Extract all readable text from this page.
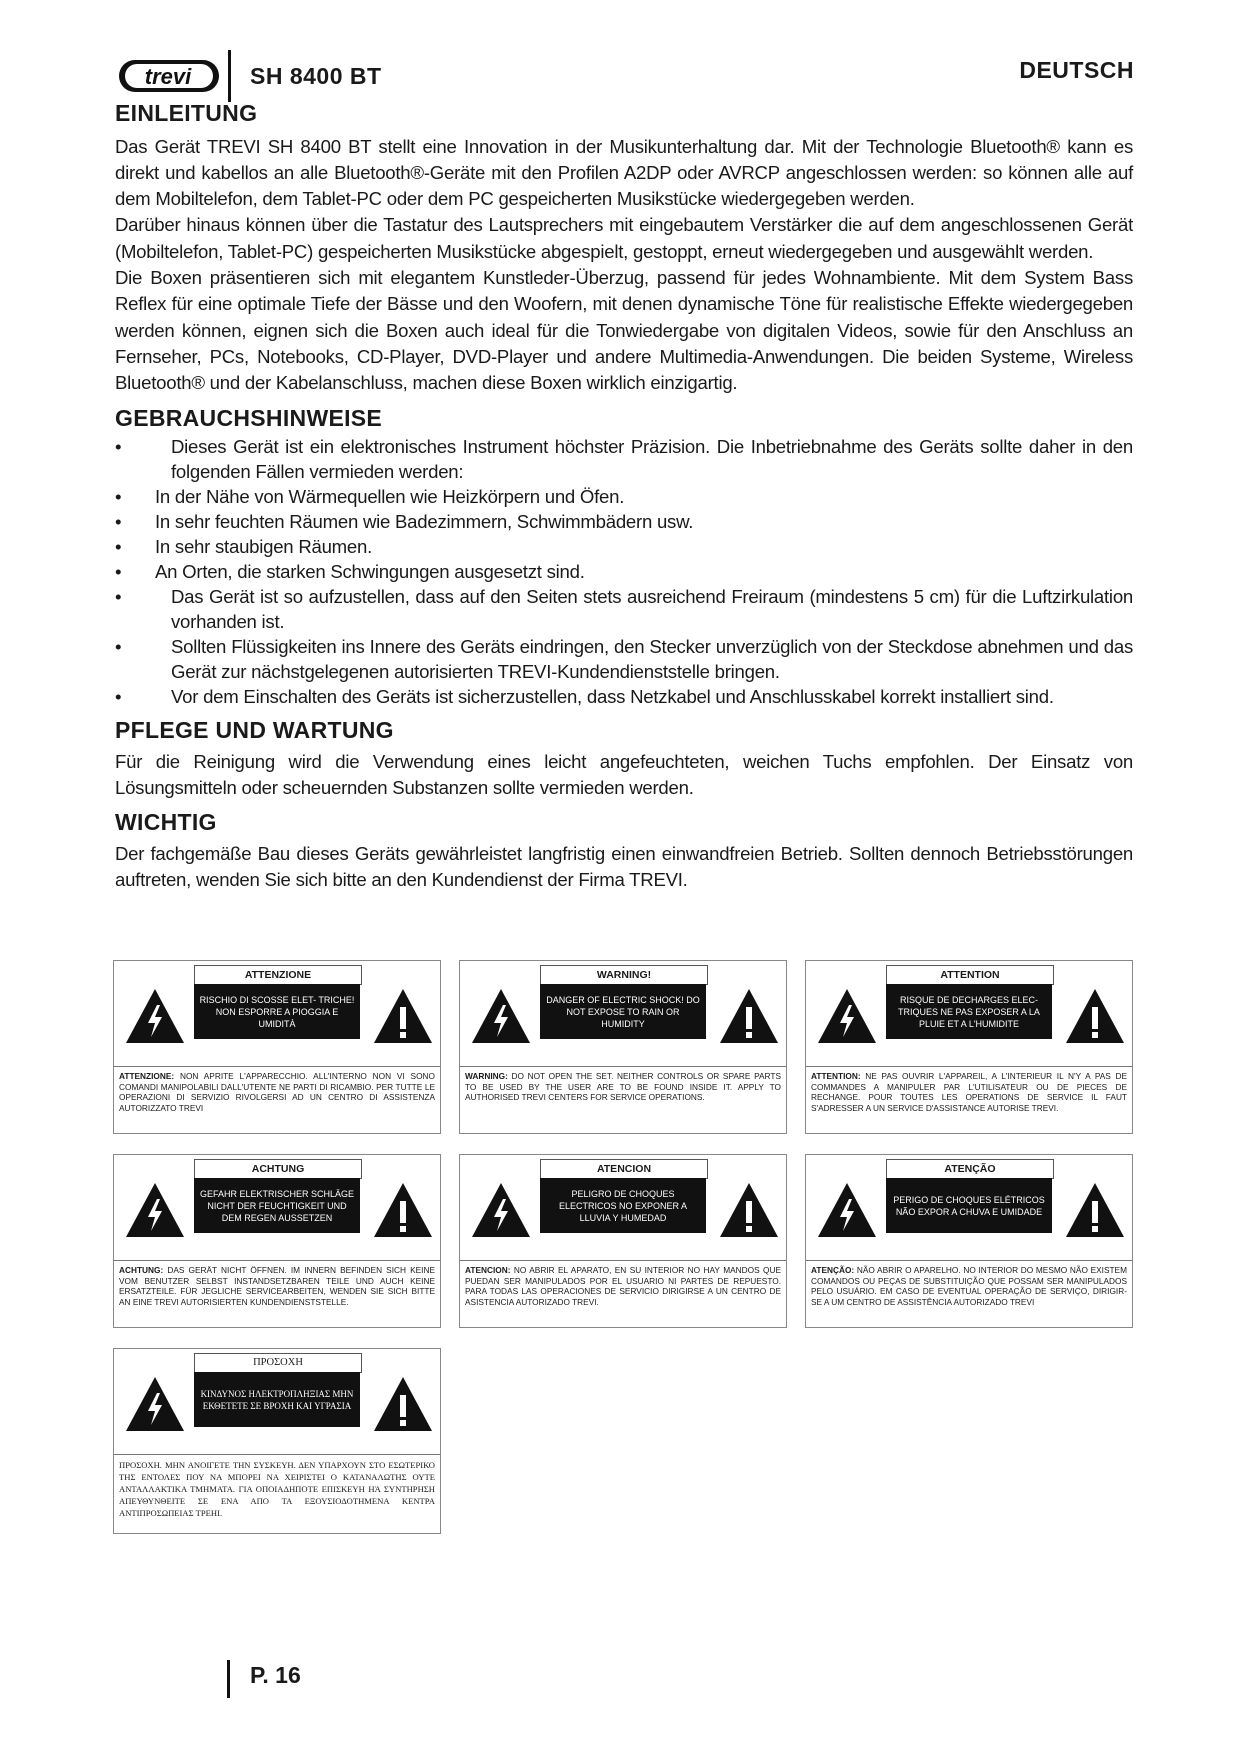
trevi	SH 8400 BT	DEUTSCH
EINLEITUNG

Das Gerät TREVI SH 8400 BT stellt eine Innovation in der Musikunterhaltung dar. Mit der Technologie Bluetooth® kann es direkt und kabellos an alle Bluetooth®-Geräte mit den Profilen A2DP oder AVRCP angeschlossen werden: so können alle auf dem Mobiltelefon, dem Tablet-PC oder dem PC gespeicherten Musikstücke wiedergegeben werden.

Darüber hinaus können über die Tastatur des Lautsprechers mit eingebautem Verstärker die auf dem angeschlossenen Gerät (Mobiltelefon, Tablet-PC) gespeicherten Musikstücke abgespielt, gestoppt, erneut wiedergegeben und ausgewählt werden.

Die Boxen präsentieren sich mit elegantem Kunstleder-Überzug, passend für jedes Wohnambiente. Mit dem System Bass Reflex für eine optimale Tiefe der Bässe und den Woofern, mit denen dynamische Töne für realistische Effekte wiedergegeben werden können, eignen sich die Boxen auch ideal für die Tonwiedergabe von digitalen Videos, sowie für den Anschluss an Fernseher, PCs, Notebooks, CD-Player, DVD-Player und andere Multimedia-Anwendungen. Die beiden Systeme, Wireless Bluetooth® und der Kabelanschluss, machen diese Boxen wirklich einzigartig.

GEBRAUCHSHINWEISE
• Dieses Gerät ist ein elektronisches Instrument höchster Präzision. Die Inbetriebnahme des Geräts sollte daher in den folgenden Fällen vermieden werden:
• In der Nähe von Wärmequellen wie Heizkörpern und Öfen.
• In sehr feuchten Räumen wie Badezimmern, Schwimmbädern usw.
• In sehr staubigen Räumen.
• An Orten, die starken Schwingungen ausgesetzt sind.
• Das Gerät ist so aufzustellen, dass auf den Seiten stets ausreichend Freiraum (mindestens 5 cm) für die Luftzirkulation vorhanden ist.
• Sollten Flüssigkeiten ins Innere des Geräts eindringen, den Stecker unverzüglich von der Steckdose abnehmen und das Gerät zur nächstgelegenen autorisierten TREVI-Kundendienststelle bringen.
• Vor dem Einschalten des Geräts ist sicherzustellen, dass Netzkabel und Anschlusskabel korrekt installiert sind.
PFLEGE UND WARTUNG

Für die Reinigung wird die Verwendung eines leicht angefeuchteten, weichen Tuchs empfohlen. Der Einsatz von Lösungsmitteln oder scheuernden Substanzen sollte vermieden werden.

WICHTIG

Der fachgemäße Bau dieses Geräts gewährleistet langfristig einen einwandfreien Betrieb. Sollten dennoch Betriebsstörungen auftreten, wenden Sie sich bitte an den Kundendienst der Firma TREVI.

ATTENZIONE
RISCHIO DI SCOSSE ELET- TRICHE! NON ESPORRE A PIOGGIA E UMIDITÀ
ATTENZIONE: NON APRITE L'APPARECCHIO. ALL'INTERNO NON VI SONO COMANDI MANIPOLABILI DALL'UTENTE NE PARTI DI RICAMBIO. PER TUTTE LE OPERAZIONI DI SERVIZIO RIVOLGERSI AD UN CENTRO DI ASSISTENZA AUTORIZZATO TREVI
WARNING!
DANGER OF ELECTRIC SHOCK! DO NOT EXPOSE TO RAIN OR HUMIDITY
WARNING: DO NOT OPEN THE SET. NEITHER CONTROLS OR SPARE PARTS TO BE USED BY THE USER ARE TO BE FOUND INSIDE IT. APPLY TO AUTHORISED TREVI CENTERS FOR SERVICE OPERATIONS.
ATTENTION
RISQUE DE DECHARGES ELEC- TRIQUES NE PAS EXPOSER A LA PLUIE ET A L'HUMIDITE
ATTENTION: NE PAS OUVRIR L'APPAREIL, A L'INTERIEUR IL N'Y A PAS DE COMMANDES A MANIPULER PAR L'UTILISATEUR OU DE PIECES DE RECHANGE. POUR TOUTES LES OPERATIONS DE SERVICE IL FAUT S'ADRESSER A UN SERVICE D'ASSISTANCE AUTORISE TREVI.
ACHTUNG
GEFAHR ELEKTRISCHER SCHLÄGE NICHT DER FEUCHTIGKEIT UND DEM REGEN AUSSETZEN
ACHTUNG: DAS GERÄT NICHT ÖFFNEN. IM INNERN BEFINDEN SICH KEINE VOM BENUTZER SELBST INSTANDSETZBAREN TEILE UND AUCH KEINE ERSATZTEILE. FÜR JEGLICHE SERVICEARBEITEN, WENDEN SIE SICH BITTE AN EINE TREVI AUTORISIERTEN KUNDENDIENSTSTELLE.
ATENCION
PELIGRO DE CHOQUES ELECTRICOS NO EXPONER A LLUVIA Y HUMEDAD
ATENCION: NO ABRIR EL APARATO, EN SU INTERIOR NO HAY MANDOS QUE PUEDAN SER MANIPULADOS POR EL USUARIO NI PARTES DE REPUESTO. PARA TODAS LAS OPERACIONES DE SERVICIO DIRIGIRSE A UN CENTRO DE ASISTENCIA AUTORIZADO TREVI.
ATENÇÃO
PERIGO DE CHOQUES ELÉTRICOS NÃO EXPOR A CHUVA E UMIDADE
ATENÇÃO: NÃO ABRIR O APARELHO. NO INTERIOR DO MESMO NÃO EXISTEM COMANDOS OU PEÇAS DE SUBSTITUIÇÃO QUE POSSAM SER MANIPULADOS PELO USUÁRIO. EM CASO DE EVENTUAL OPERAÇÃO DE SERVIÇO, DIRIGIR-SE A UM CENTRO DE ASSISTÊNCIA AUTORIZADO TREVI
ΠΡΟΣΟΧΗ
ΚΙΝΔΥΝΟΣ ΗΛΕΚΤΡΟΠΛΗΞΙΑΣ ΜΗΝ ΕΚΘΕΤΕΤΕ ΣΕ ΒΡΟΧΗ ΚΑΙ ΥΓΡΑΣΙΑ
ΠΡΟΣΟΧΗ. ΜΗΝ ΑΝΟΙΓΕΤΕ ΤΗΝ ΣΥΣΚΕΥΗ. ΔΕΝ ΥΠΑΡΧΟΥΝ ΣΤΟ ΕΣΩΤΕΡΙΚΟ ΤΗΣ ΕΝΤΟΛΕΣ ΠΟΥ ΝΑ ΜΠΟΡΕΙ ΝΑ ΧΕΙΡΙΣΤΕΙ Ο ΚΑΤΑΝΑΛΩΤΗΣ ΟΥΤΕ ΑΝΤΑΛΛΑΚΤΙΚΑ ΤΜΗΜΑΤΑ. ΓΙΑ ΟΠΟΙΑΔΗΠΟΤΕ ΕΠΙΣΚΕΥΗ ΗΆ ΣΥΝΤΗΡΗΣΗ ΑΠΕΥΘΥΝΘΕΙΤΕ ΣΕ ΕΝΑ ΑΠΟ ΤΑ ΕΞΟΥΣΙΟΔΟΤΗΜΕΝΑ ΚΕΝΤΡΑ ΑΝΤΙΠΡΟΣΩΠΕΙΑΣ ΤΡΕΗΙ.
P. 16
